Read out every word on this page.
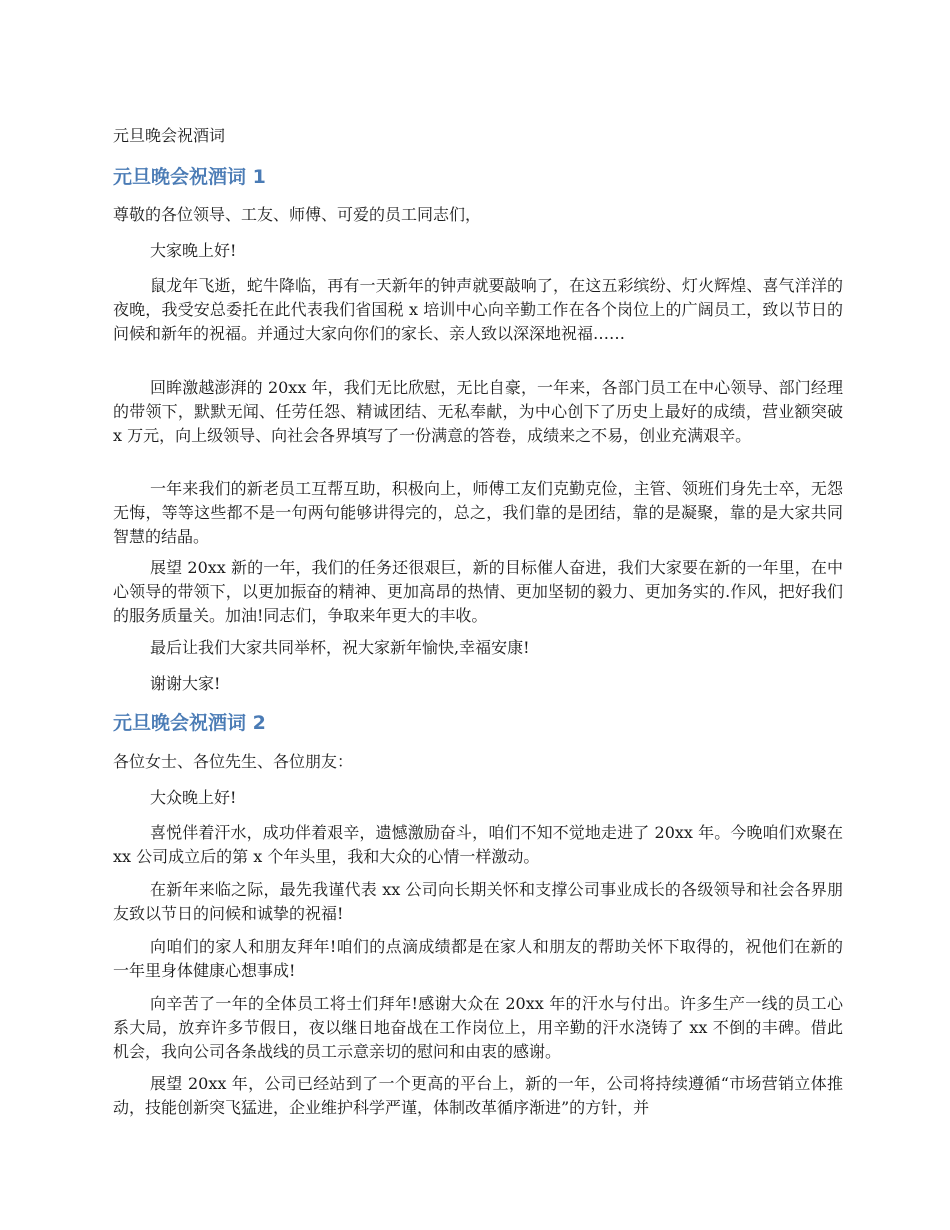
元旦晚会祝酒词
元旦晚会祝酒词 1

尊敬的各位领导、工友、师傅、可爱的员工同志们，

大家晚上好!

鼠龙年飞逝，蛇牛降临，再有一天新年的钟声就要敲响了，在这五彩缤纷、灯火辉煌、喜气洋洋的夜晚，我受安总委托在此代表我们省国税 x 培训中心向辛勤工作在各个岗位上的广阔员工，致以节日的问候和新年的祝福。并通过大家向你们的家长、亲人致以深深地祝福……

回眸激越澎湃的 20xx 年，我们无比欣慰，无比自豪，一年来，各部门员工在中心领导、部门经理的带领下，默默无闻、任劳任怨、精诚团结、无私奉献，为中心创下了历史上最好的成绩，营业额突破 x 万元，向上级领导、向社会各界填写了一份满意的答卷，成绩来之不易，创业充满艰辛。

一年来我们的新老员工互帮互助，积极向上，师傅工友们克勤克俭，主管、领班们身先士卒，无怨无悔，等等这些都不是一句两句能够讲得完的，总之，我们靠的是团结，靠的是凝聚，靠的是大家共同智慧的结晶。

展望 20xx 新的一年，我们的任务还很艰巨，新的目标催人奋进，我们大家要在新的一年里，在中心领导的带领下，以更加振奋的精神、更加高昂的热情、更加坚韧的毅力、更加务实的.作风，把好我们的服务质量关。加油!同志们，争取来年更大的丰收。

最后让我们大家共同举杯，祝大家新年愉快,幸福安康!

谢谢大家!

元旦晚会祝酒词 2

各位女士、各位先生、各位朋友：

大众晚上好!

喜悦伴着汗水，成功伴着艰辛，遗憾激励奋斗，咱们不知不觉地走进了 20xx 年。今晚咱们欢聚在 xx 公司成立后的第 x 个年头里，我和大众的心情一样激动。

在新年来临之际，最先我谨代表 xx 公司向长期关怀和支撑公司事业成长的各级领导和社会各界朋友致以节日的问候和诚挚的祝福!

向咱们的家人和朋友拜年!咱们的点滴成绩都是在家人和朋友的帮助关怀下取得的，祝他们在新的一年里身体健康心想事成!

向辛苦了一年的全体员工将士们拜年!感谢大众在 20xx 年的汗水与付出。许多生产一线的员工心系大局，放弃许多节假日，夜以继日地奋战在工作岗位上，用辛勤的汗水浇铸了 xx 不倒的丰碑。借此机会，我向公司各条战线的员工示意亲切的慰问和由衷的感谢。

展望 20xx 年，公司已经站到了一个更高的平台上，新的一年，公司将持续遵循“市场营销立体推动，技能创新突飞猛进，企业维护科学严谨，体制改革循序渐进”的方针，并
